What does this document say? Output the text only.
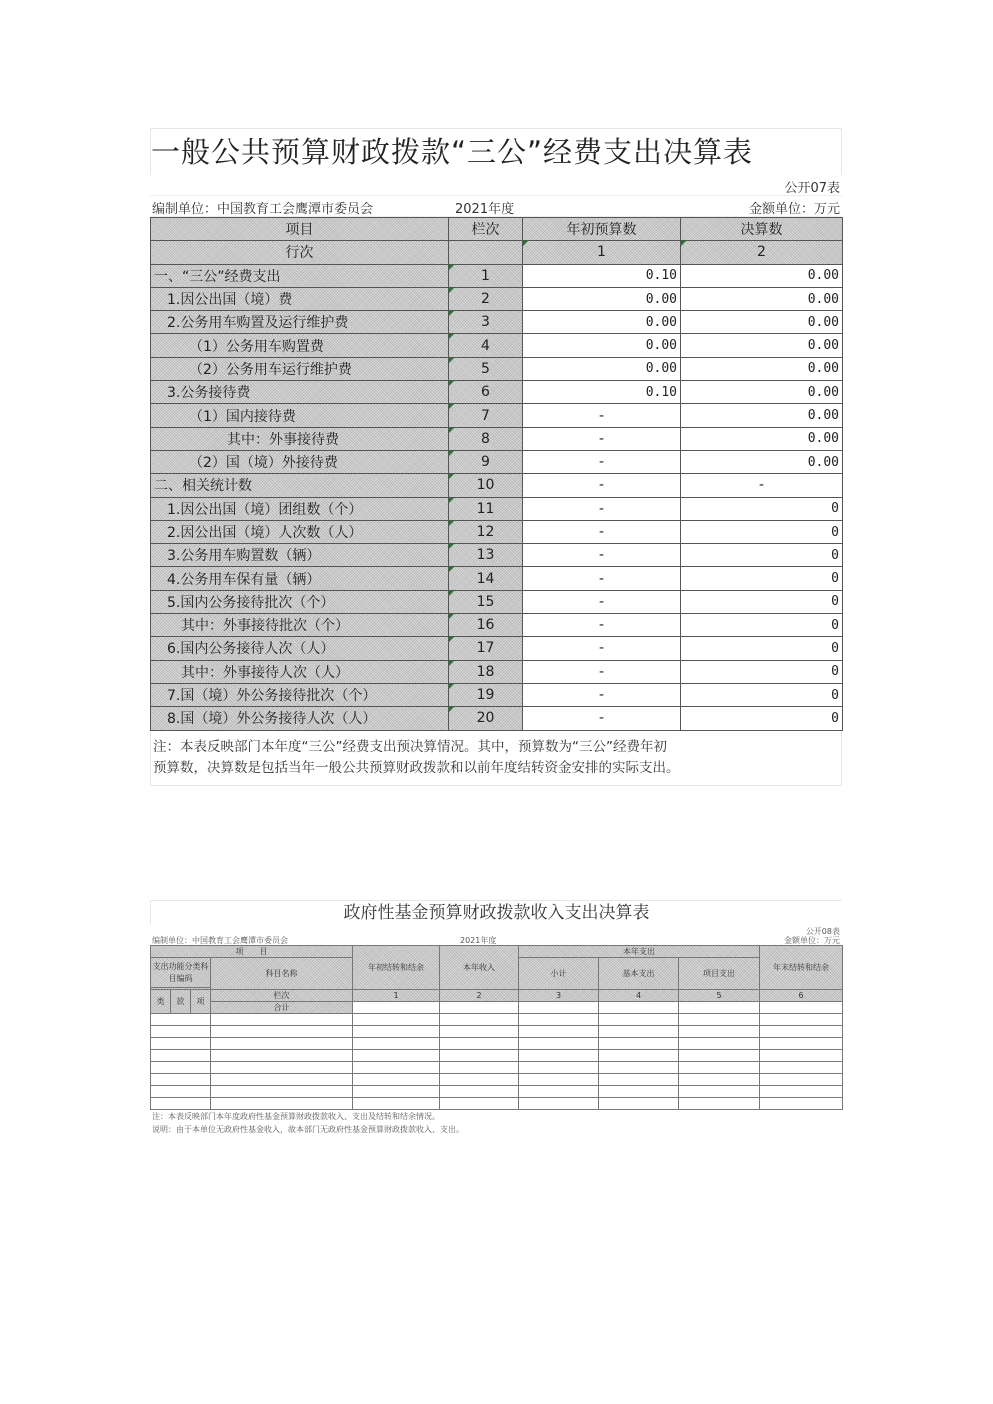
一般公共预算财政拨款“三公”经费支出决算表
公开07表
编制单位：中国教育工会鹰潭市委员会	2021年度	金额单位：万元
项目	栏次	年初预算数	决算数
行次		1	2
一、“三公”经费支出	1	0.10	0.00
1.因公出国（境）费	2	0.00	0.00
2.公务用车购置及运行维护费	3	0.00	0.00
（1）公务用车购置费	4	0.00	0.00
（2）公务用车运行维护费	5	0.00	0.00
3.公务接待费	6	0.10	0.00
（1）国内接待费	7	-	0.00
其中：外事接待费	8	-	0.00
（2）国（境）外接待费	9	-	0.00
二、相关统计数	10	-	-
1.因公出国（境）团组数（个）	11	-	0
2.因公出国（境）人次数（人）	12	-	0
3.公务用车购置数（辆）	13	-	0
4.公务用车保有量（辆）	14	-	0
5.国内公务接待批次（个）	15	-	0
其中：外事接待批次（个）	16	-	0
6.国内公务接待人次（人）	17	-	0
其中：外事接待人次（人）	18	-	0
7.国（境）外公务接待批次（个）	19	-	0
8.国（境）外公务接待人次（人）	20	-	0
注：本表反映部门本年度“三公”经费支出预决算情况。其中，预算数为“三公”经费年初
预算数，决算数是包括当年一般公共预算财政拨款和以前年度结转资金安排的实际支出。
政府性基金预算财政拨款收入支出决算表
公开08表
编制单位：中国教育工会鹰潭市委员会	2021年度	金额单位：万元
项　　目				年初结转和结余	本年收入	本年支出			年末结转和结余
支出功能分类科目编码			科目名称			小计	基本支出	项目支出	

类	款	项	栏次	1	2	3	4	5	6
			合计						

注：本表反映部门本年度政府性基金预算财政拨款收入、支出及结转和结余情况。
说明：由于本单位无政府性基金收入，故本部门无政府性基金预算财政拨款收入、支出。
